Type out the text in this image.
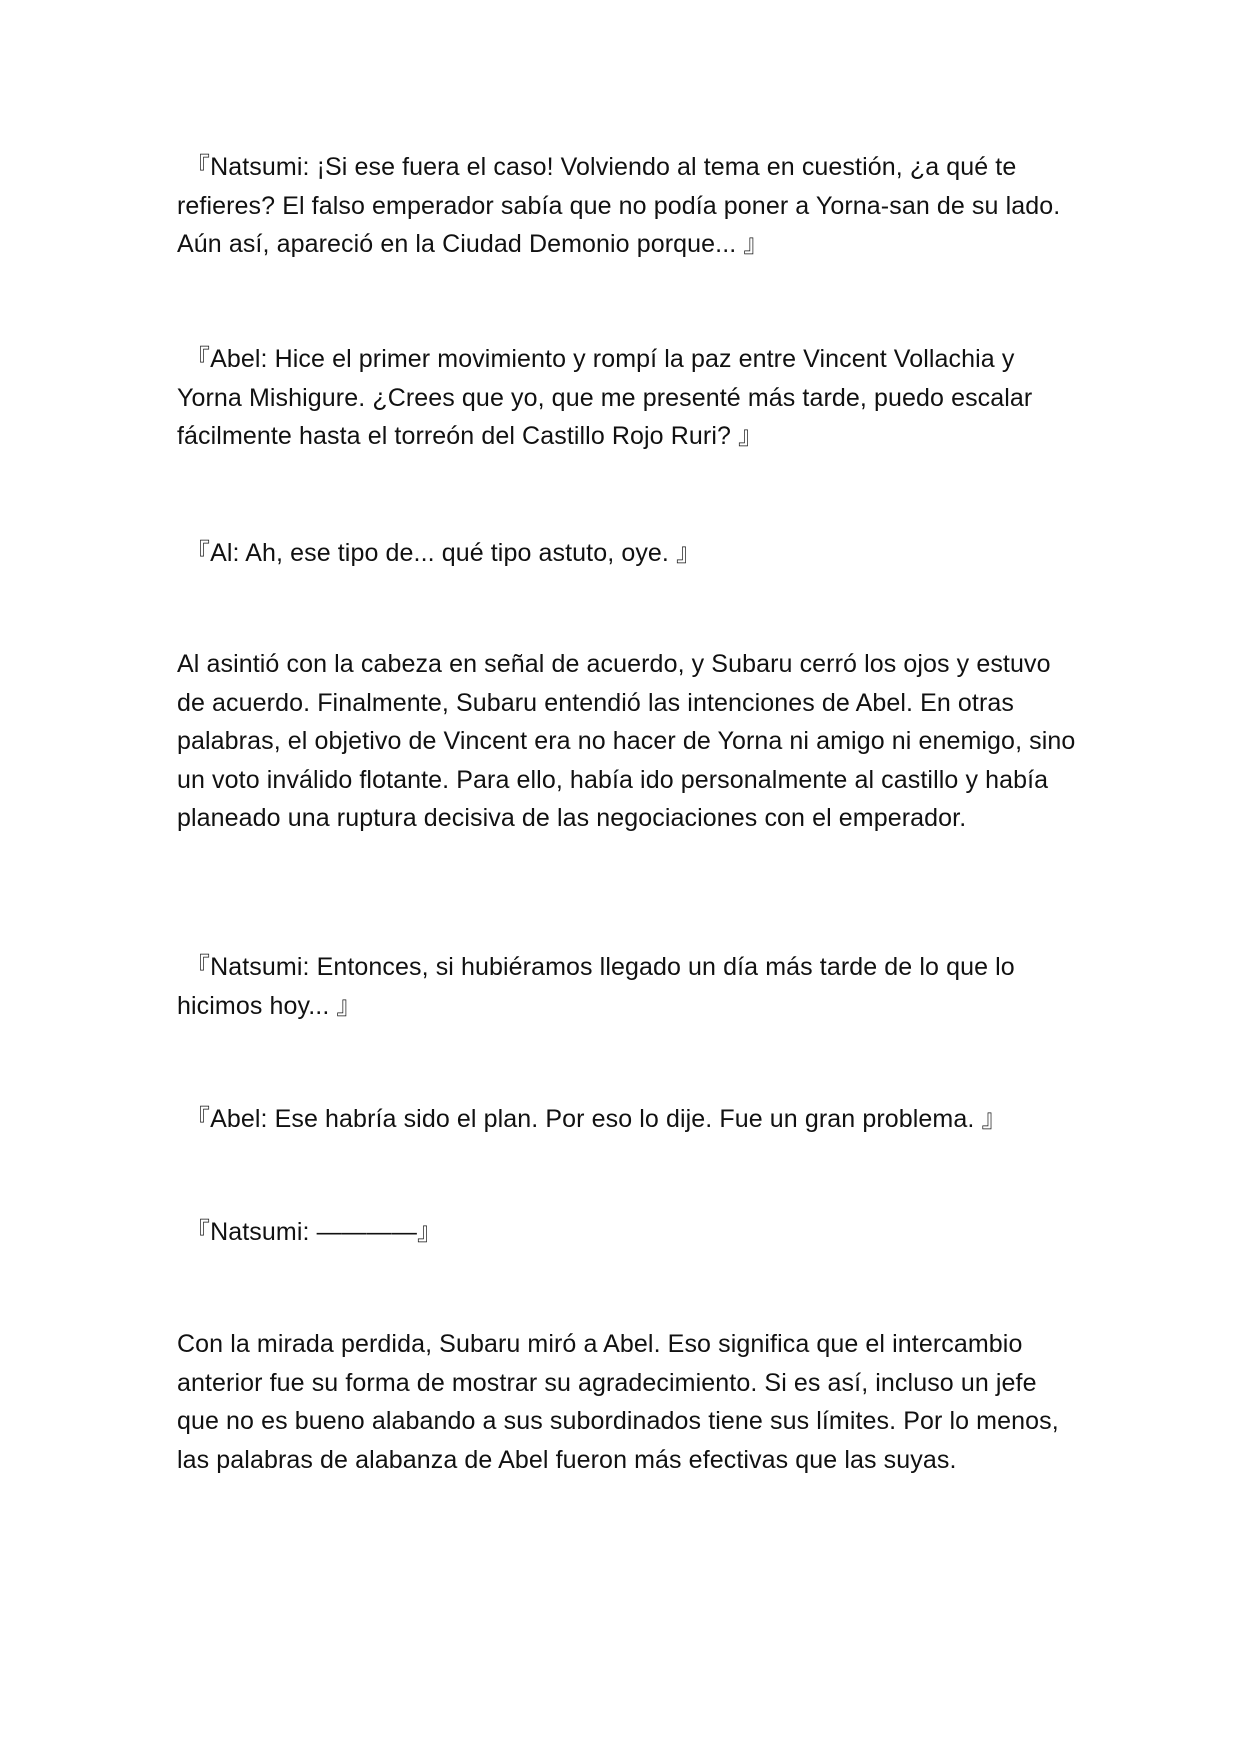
『Natsumi: ¡Si ese fuera el caso! Volviendo al tema en cuestión, ¿a qué te refieres? El falso emperador sabía que no podía poner a Yorna-san de su lado. Aún así, apareció en la Ciudad Demonio porque... 』

『Abel: Hice el primer movimiento y rompí la paz entre Vincent Vollachia y Yorna Mishigure. ¿Crees que yo, que me presenté más tarde, puedo escalar fácilmente hasta el torreón del Castillo Rojo Ruri? 』

『Al: Ah, ese tipo de... qué tipo astuto, oye. 』

Al asintió con la cabeza en señal de acuerdo, y Subaru cerró los ojos y estuvo de acuerdo. Finalmente, Subaru entendió las intenciones de Abel. En otras palabras, el objetivo de Vincent era no hacer de Yorna ni amigo ni enemigo, sino un voto inválido flotante. Para ello, había ido personalmente al castillo y había planeado una ruptura decisiva de las negociaciones con el emperador.

『Natsumi: Entonces, si hubiéramos llegado un día más tarde de lo que lo hicimos hoy... 』

『Abel: Ese habría sido el plan. Por eso lo dije. Fue un gran problema. 』

『Natsumi: ————』

Con la mirada perdida, Subaru miró a Abel. Eso significa que el intercambio anterior fue su forma de mostrar su agradecimiento. Si es así, incluso un jefe que no es bueno alabando a sus subordinados tiene sus límites. Por lo menos, las palabras de alabanza de Abel fueron más efectivas que las suyas.
